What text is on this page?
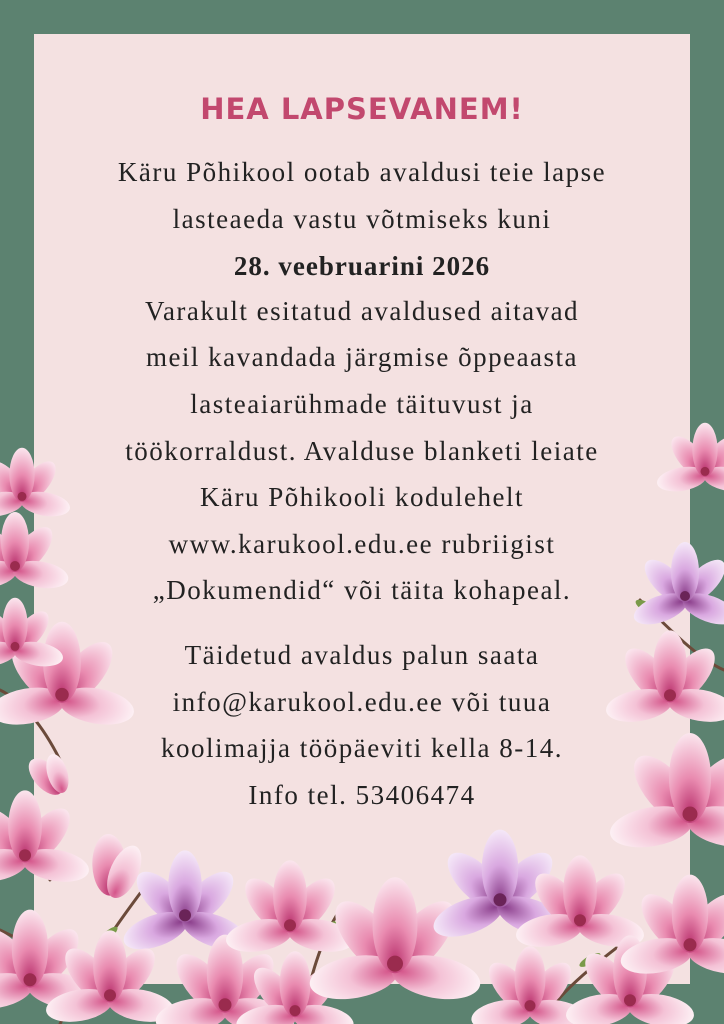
HEA LAPSEVANEM!
Käru Põhikool ootab avaldusi teie lapse
lasteaeda vastu võtmiseks kuni
28. veebruarini 2026
Varakult esitatud avaldused aitavad
meil kavandada järgmise õppeaasta
lasteaiarühmade täituvust ja
töökorraldust. Avalduse blanketi leiate
Käru Põhikooli kodulehelt
www.karukool.edu.ee rubriigist
„Dokumendid“ või täita kohapeal.
Täidetud avaldus palun saata
info@karukool.edu.ee või tuua
koolimajja tööpäeviti kella 8-14.
Info tel. 53406474
